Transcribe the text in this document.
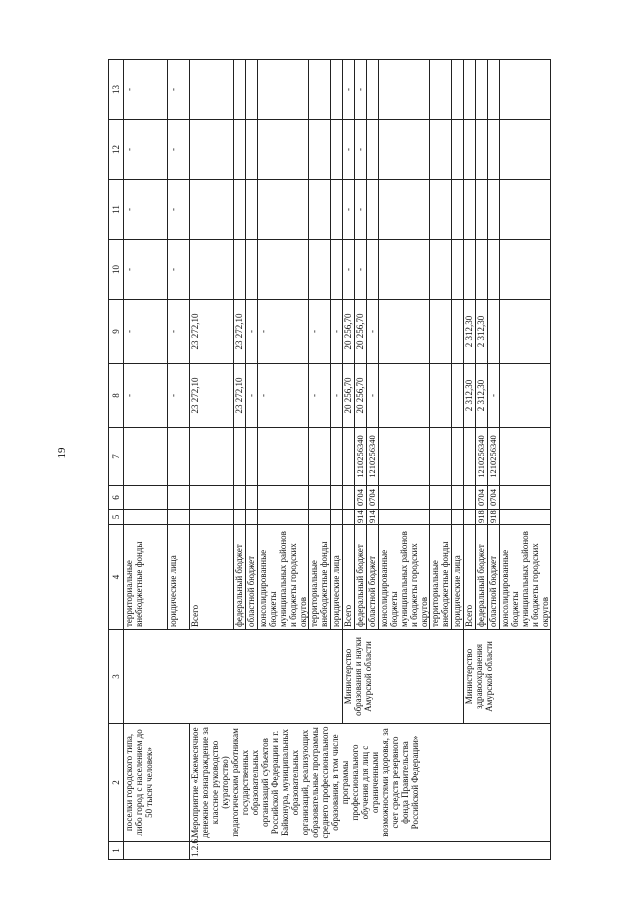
19
1	2	3	4	5	6	7	8	9	10	11	12	13
	поселки городского типа, либо город с населением до 50 тысяч человек»		территориальные внебюджетные фонды				-	-	-	-	-	-
			юридические лица				-	-	-	-	-	-
1.2.6.	Мероприятие «Ежемесячное денежное вознаграждение за классное руководство (кураторство) педагогическим работникам государственных образовательных организаций субъектов Российской Федерации и г. Байконура, муниципальных образовательных организаций, реализующих образовательные программы среднего профессионального образования, в том числе программы профессионального обучения для лиц с ограниченными возможностями здоровья, за счет средств резервного фонда Правительства Российской Федерации»		Всего				23 272,10	23 272,10				
			федеральный бюджет				23 272,10	23 272,10				
			областной бюджет				-	-				
			консолидированные бюджеты муниципальных районов и бюджеты городских округов				-	-				
			территориальные внебюджетные фонды				-	-				
			юридические лица				-	-				
		Министерство образования и науки Амурской области	Всего				20 256,70	20 256,70	-	-	-	-
			федеральный бюджет	914	0704	1210256340	20 256,70	20 256,70	-	-	-	-
			областной бюджет	914	0704	1210256340	-	-				
			консолидированные бюджеты муниципальных районов и бюджеты городских округов									
			территориальные внебюджетные фонды									
			юридические лица									
		Министерство здравоохранения Амурской области	Всего				2 312,30	2 312,30				
			федеральный бюджет	918	0704	1210256340	2 312,30	2 312,30				
			областной бюджет	918	0704	1210256340	-					
			консолидированные бюджеты муниципальных районов и бюджеты городских округов									
